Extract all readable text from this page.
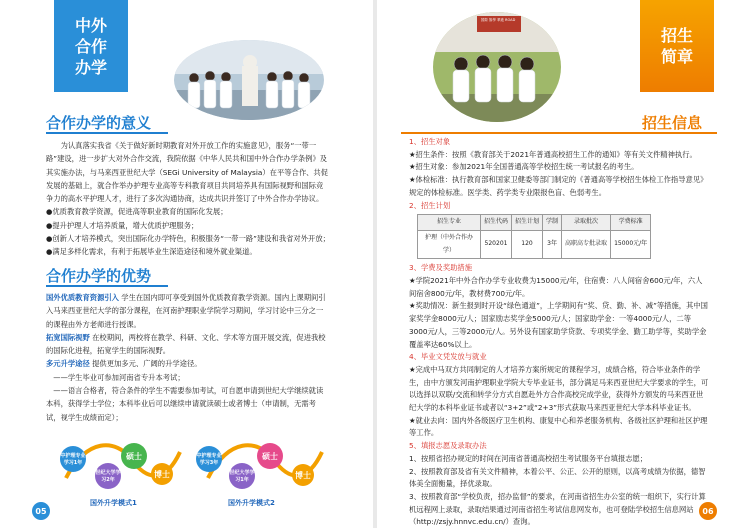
中外合作办学
合作办学的意义

为认真落实我省《关于做好新时期教育对外开放工作的实施意见》，服务“一带一路”建设，进一步扩大对外合作交流，我院依据《中华人民共和国中外合作办学条例》及其实施办法，与马来西亚世纪大学（SEGi University of Malaysia）在平等合作、共促发展的基础上，就合作举办护理专业高等专科教育项目共同培养具有国际视野和国际竞争力的高水平护理人才，进行了多次沟通协商，达成共识并签订了中外合作办学协议。

●优质教育教学资源，促进高等职业教育的国际化发展；

●提升护理人才培养质量，增大优质护理服务；

●创新人才培养模式，突出国际化办学特色，积极服务“一带一路”建设和我省对外开放；

●满足多样化需求，有利于拓展毕业生深造途径和境外就业渠道。

合作办学的优势

国外优质教育资源引入 学生在国内即可享受到国外优质教育教学资源。国内上课期间引入马来西亚世纪大学的部分课程，在河南护理职业学院学习期间，学习讨论中三分之一的课程由外方老师进行授课。

拓宽国际视野 在校期间，两校将在教学、科研、文化、学术等方面开展交流，促进我校的国际化进程，拓宽学生的国际视野。

多元升学途径 提供更加多元、广阔的升学途径。

——学生毕业可参加河南省专升本考试；

——语言合格者，符合条件的学生不需要参加考试，可自愿申请到世纪大学继续就读本科，获得学士学位；本科毕业后可以继续申请就读硕士或者博士（申请制，无需考试，视学生成绩而定）；

中护理专业学习1年
世纪大学学习2年
硕士
博士
中护理专业学习3年
世纪大学学习1年
硕士
博士
国外升学模式1	国外升学模式2
05
招生简章
国際 篤學 華進 ROAD
招生信息

1、招生对象

★招生条件：按照《教育部关于2021年普通高校招生工作的通知》等有关文件精神执行。

★招生对象：参加2021年全国普通高等学校招生统一考试报名的考生。

★体检标准：执行教育部和国家卫健委等部门制定的《普通高等学校招生体检工作指导意见》规定的体检标准。医学类、药学类专业限报色盲、色弱考生。

2、招生计划

招生专业	招生代码	招生计划	学制	录取批次	学费标准
护理（中外合作办学）	520201	120	3年	高职高专批录取	15000元/年

3、学费及奖助措施

★学院2021年中外合作办学专业收费为15000元/年，住宿费：八人间宿舍600元/年，六人间宿舍800元/年，教材费700元/年。

★奖助情况：新生报到时开设“绿色通道”，上学期间有“奖、贷、勤、补、减”等措施，其中国家奖学金8000元/人；国家励志奖学金5000元/人；国家助学金：一等4000元/人，二等3000元/人，三等2000元/人。另外设有国家助学贷款、专项奖学金、勤工助学等，奖助学金覆盖率达60%以上。

4、毕业文凭发放与就业

★完成中马双方共同制定的人才培养方案所规定的课程学习，成绩合格，符合毕业条件的学生，由中方颁发河南护理职业学院大专毕业证书，部分满足马来西亚世纪大学要求的学生，可以选择以双联/交流和转学分方式自愿赴外方合作高校完成学业，获得外方颁发的马来西亚世纪大学的本科毕业证书或者以“3+2”或“2+3”形式获取马来西亚世纪大学本科毕业证书。

★就业去向：国内外各级医疗卫生机构、康复中心和养老服务机构、各级社区护理和社区护理等工作。

5、填报志愿及录取办法

1、按照省招办规定的时间在河南省普通高校招生考试服务平台填报志愿；

2、按照教育部及省有关文件精神，本着公平、公正、公开的原则，以高考成绩为依据，德智体美全面衡量，择优录取。

3、按照教育部“学校负责，招办监督”的要求，在河南省招生办公室的统一组织下，实行计算机远程网上录取，录取结果通过河南省招生考试信息网发布，也可登陆学校招生信息网站（http://zsjy.hnnvc.edu.cn/）查询。

06
